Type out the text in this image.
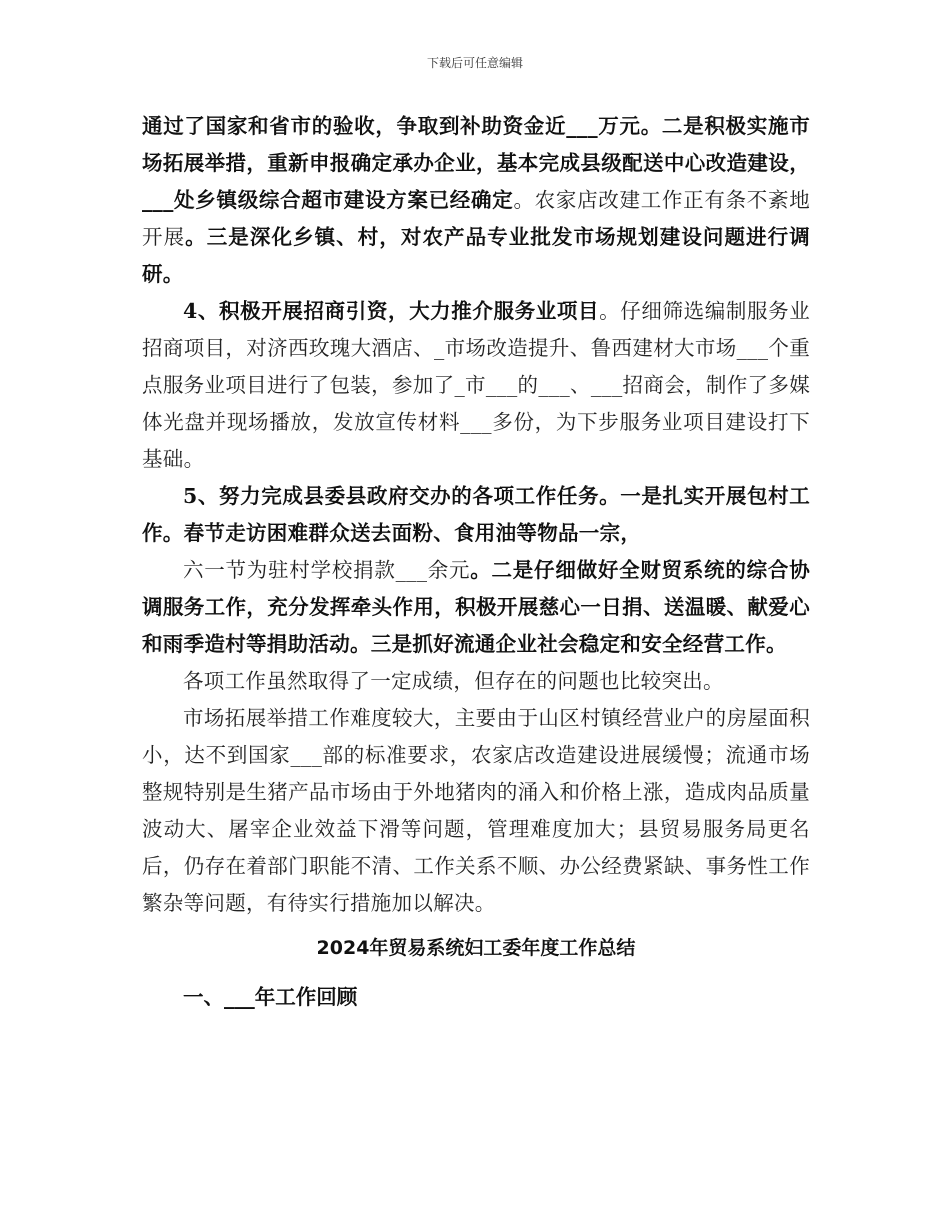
下载后可任意编辑

通过了国家和省市的验收，争取到补助资金近___万元。二是积极实施市场拓展举措，重新申报确定承办企业，基本完成县级配送中心改造建设，___处乡镇级综合超市建设方案已经确定。农家店改建工作正有条不紊地开展。三是深化乡镇、村，对农产品专业批发市场规划建设问题进行调研。

4、积极开展招商引资，大力推介服务业项目。仔细筛选编制服务业招商项目，对济西玫瑰大酒店、_市场改造提升、鲁西建材大市场___个重点服务业项目进行了包装，参加了_市___的___、___招商会，制作了多媒体光盘并现场播放，发放宣传材料___多份，为下步服务业项目建设打下基础。

5、努力完成县委县政府交办的各项工作任务。一是扎实开展包村工作。春节走访困难群众送去面粉、食用油等物品一宗，

六一节为驻村学校捐款___余元。二是仔细做好全财贸系统的综合协调服务工作，充分发挥牵头作用，积极开展慈心一日捐、送温暖、献爱心和雨季造村等捐助活动。三是抓好流通企业社会稳定和安全经营工作。

各项工作虽然取得了一定成绩，但存在的问题也比较突出。

市场拓展举措工作难度较大，主要由于山区村镇经营业户的房屋面积小，达不到国家___部的标准要求，农家店改造建设进展缓慢；流通市场整规特别是生猪产品市场由于外地猪肉的涌入和价格上涨，造成肉品质量波动大、屠宰企业效益下滑等问题，管理难度加大；县贸易服务局更名后，仍存在着部门职能不清、工作关系不顺、办公经费紧缺、事务性工作繁杂等问题，有待实行措施加以解决。

2024年贸易系统妇工委年度工作总结
一、___年工作回顾
